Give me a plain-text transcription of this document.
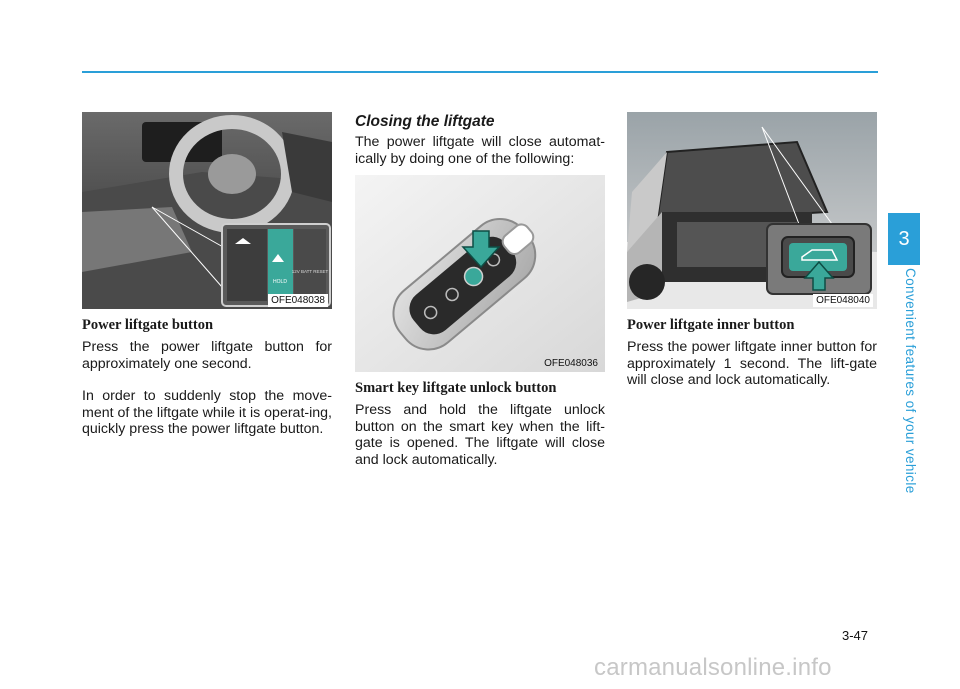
HOLD
12V BATT RESET
OFE048038
Power liftgate button

Press the power liftgate button for approximately one second.

In order to suddenly stop the move-ment of the liftgate while it is operat-ing, quickly press the power liftgate button.

Closing the liftgate

The power liftgate will close automat-ically by doing one of the following:

OFE048036
Smart key liftgate unlock button

Press and hold the liftgate unlock button on the smart key when the lift-gate is opened. The liftgate will close and lock automatically.

OFE048040
Power liftgate inner button

Press the power liftgate inner button for approximately 1 second. The lift-gate will close and lock automatically.

3
Convenient features of your vehicle
3-47
carmanualsonline.info
